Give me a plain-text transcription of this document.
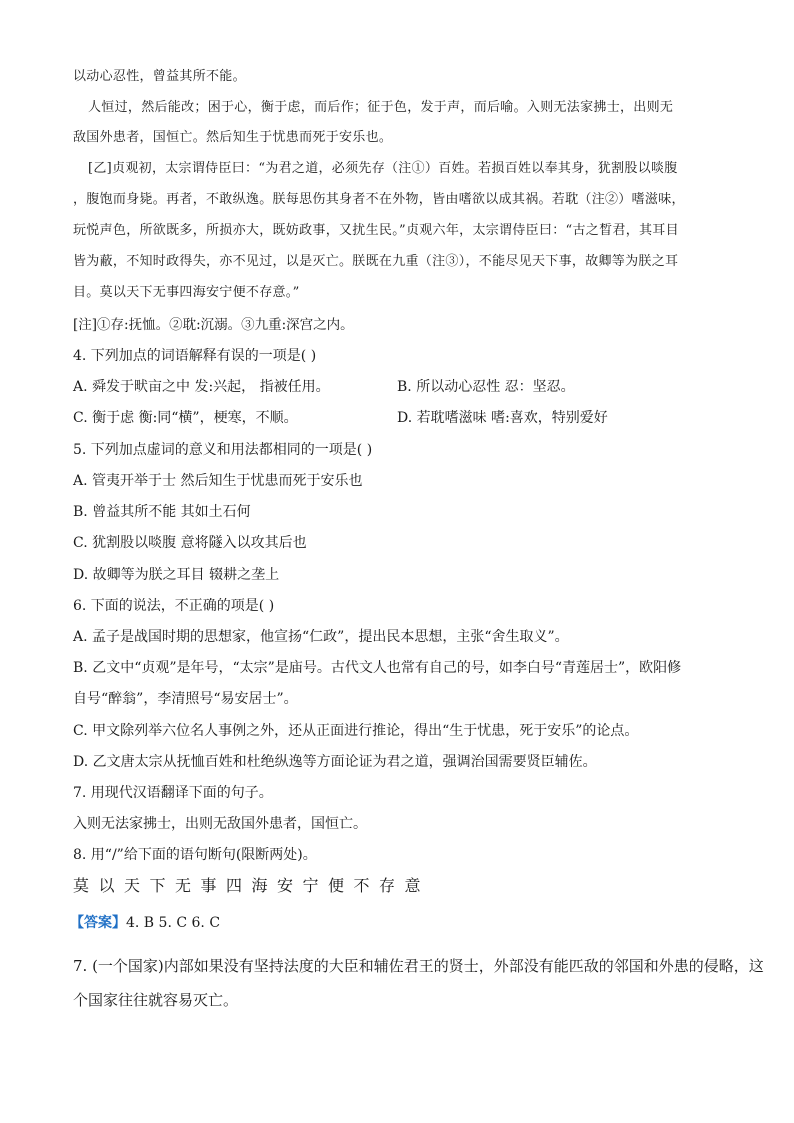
以动心忍性，曾益其所不能。
人恒过，然后能改；困于心，衡于虑，而后作；征于色，发于声，而后喻。入则无法家拂士，出则无
敌国外患者，国恒亡。然后知生于忧患而死于安乐也。
[乙]贞观初，太宗谓侍臣曰：“为君之道，必须先存（注①）百姓。若损百姓以奉其身，犹割股以啖腹
，腹饱而身毙。再者，不敢纵逸。朕每思伤其身者不在外物，皆由嗜欲以成其祸。若耽（注②）嗜滋味，
玩悦声色，所欲既多，所损亦大，既妨政事，又扰生民。”贞观六年，太宗谓侍臣曰：“古之晳君，其耳目
皆为蔽，不知时政得失，亦不见过，以是灭亡。朕既在九重（注③），不能尽见天下事，故卿等为朕之耳
目。莫以天下无事四海安宁便不存意。”
[注]①存:抚恤。②耽:沉溺。③九重:深宫之内。
4. 下列加点的词语解释有误的一项是( )
A. 舜发于畎亩之中 发:兴起， 指被任用。	B. 所以动心忍性 忍：坚忍。
C. 衡于虑 衡:同“横”，梗寒，不顺。	D. 若耽嗜滋味 嗜:喜欢，特别爱好
5. 下列加点虚词的意义和用法都相同的一项是( )
A. 管夷开举于士 然后知生于忧患而死于安乐也
B. 曾益其所不能 其如土石何
C. 犹割股以啖腹 意将隧入以攻其后也
D. 故卿等为朕之耳目 辍耕之垄上
6. 下面的说法，不正确的项是( )
A. 孟子是战国时期的思想家，他宣扬“仁政”，提出民本思想，主张“舍生取义”。
B. 乙文中“贞观”是年号，“太宗”是庙号。古代文人也常有自己的号，如李白号“青莲居士”，欧阳修
自号“醉翁”，李清照号“易安居士”。
C. 甲文除列举六位名人事例之外，还从正面进行推论，得出“生于忧患，死于安乐”的论点。
D. 乙文唐太宗从抚恤百姓和杜绝纵逸等方面论证为君之道，强调治国需要贤臣辅佐。
7. 用现代汉语翻译下面的句子。
入则无法家拂士，出则无敌国外患者，国恒亡。
8. 用“/”给下面的语句断句(限断两处)。
莫以天下无事四海安宁便不存意
【答案】4. B 5. C 6. C
7. (一个国家)内部如果没有坚持法度的大臣和辅佐君王的贤士，外部没有能匹敌的邻国和外患的侵略，这
个国家往往就容易灭亡。
